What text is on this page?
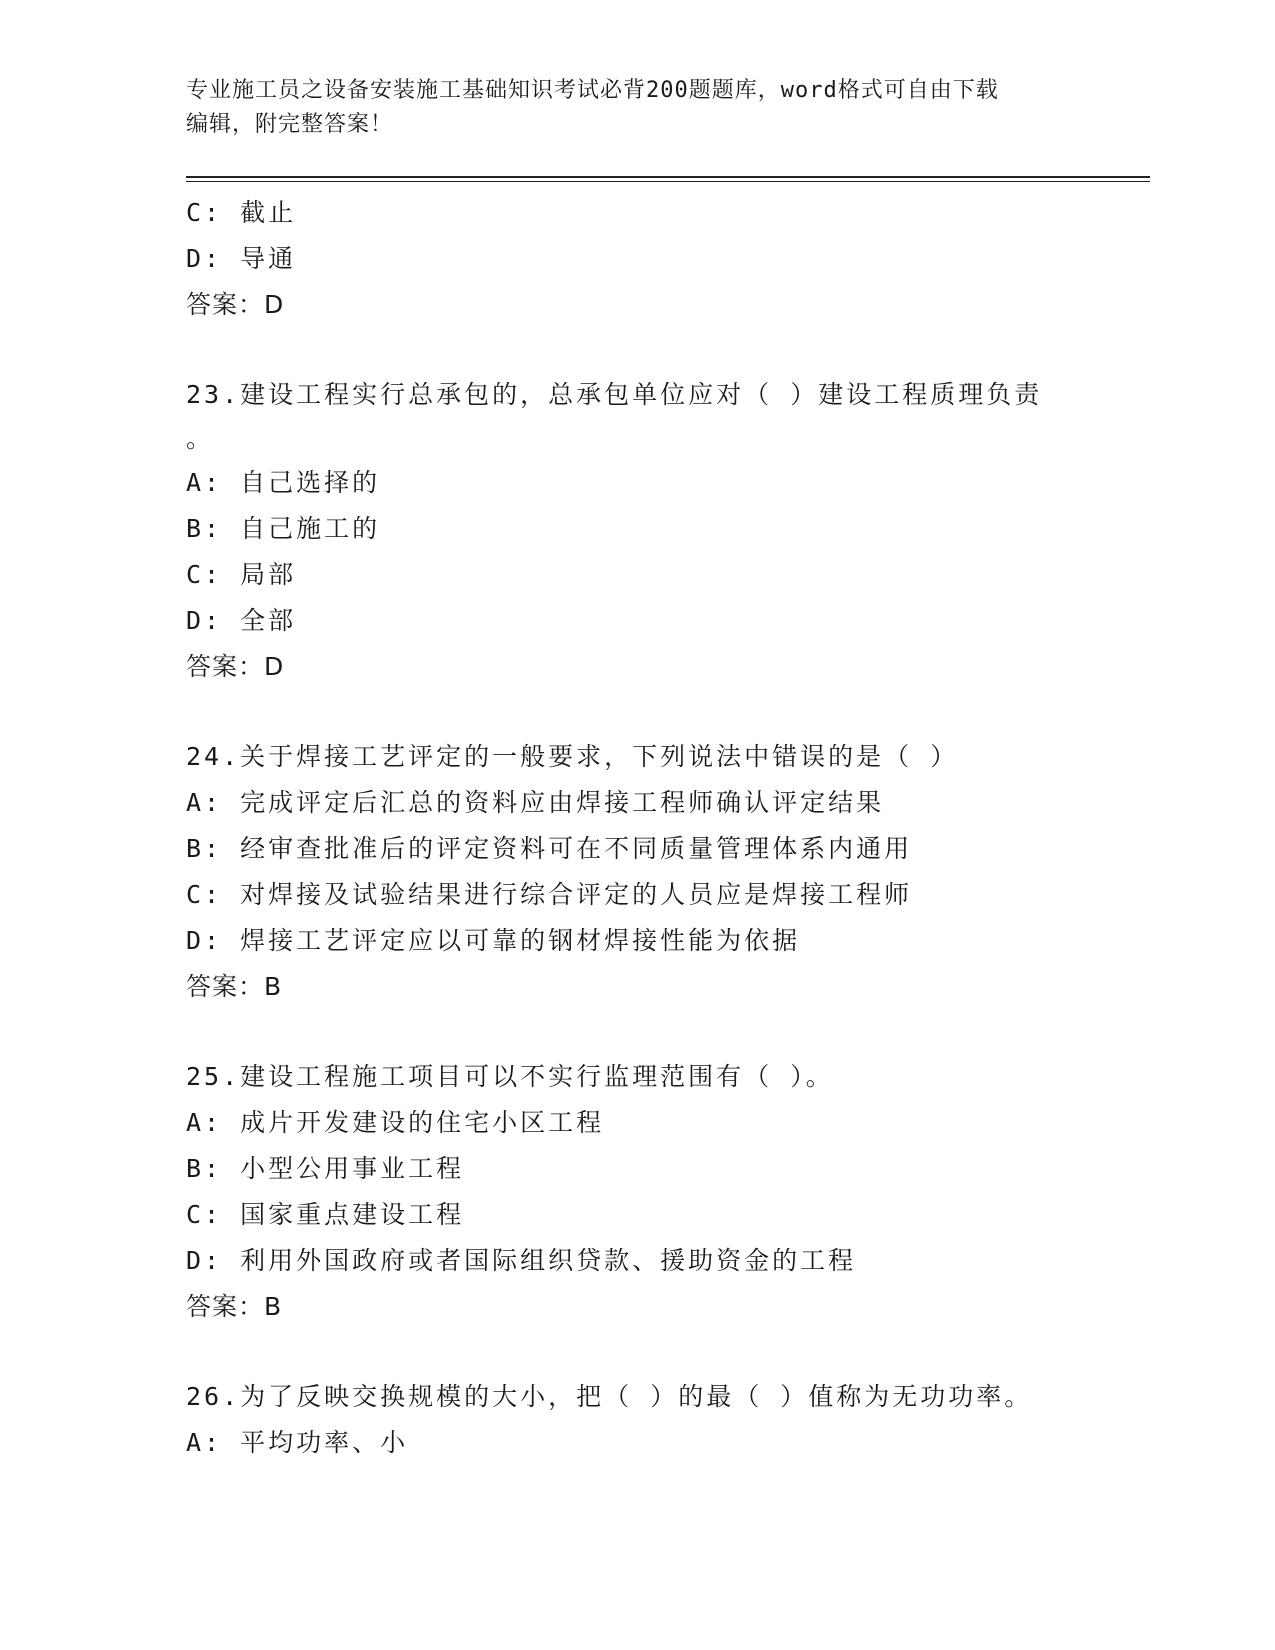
专业施工员之设备安装施工基础知识考试必背200题题库，word格式可自由下载
编辑，附完整答案！
C: 截止
D: 导通
答案：D
23.建设工程实行总承包的，总承包单位应对（ ）建设工程质理负责
。
A: 自己选择的
B: 自己施工的
C: 局部
D: 全部
答案：D
24.关于焊接工艺评定的一般要求，下列说法中错误的是（ ）
A: 完成评定后汇总的资料应由焊接工程师确认评定结果
B: 经审查批准后的评定资料可在不同质量管理体系内通用
C: 对焊接及试验结果进行综合评定的人员应是焊接工程师
D: 焊接工艺评定应以可靠的钢材焊接性能为依据
答案：B
25.建设工程施工项目可以不实行监理范围有（ ）。
A: 成片开发建设的住宅小区工程
B: 小型公用事业工程
C: 国家重点建设工程
D: 利用外国政府或者国际组织贷款、援助资金的工程
答案：B
26.为了反映交换规模的大小，把（ ）的最（ ）值称为无功功率。
A: 平均功率、小
